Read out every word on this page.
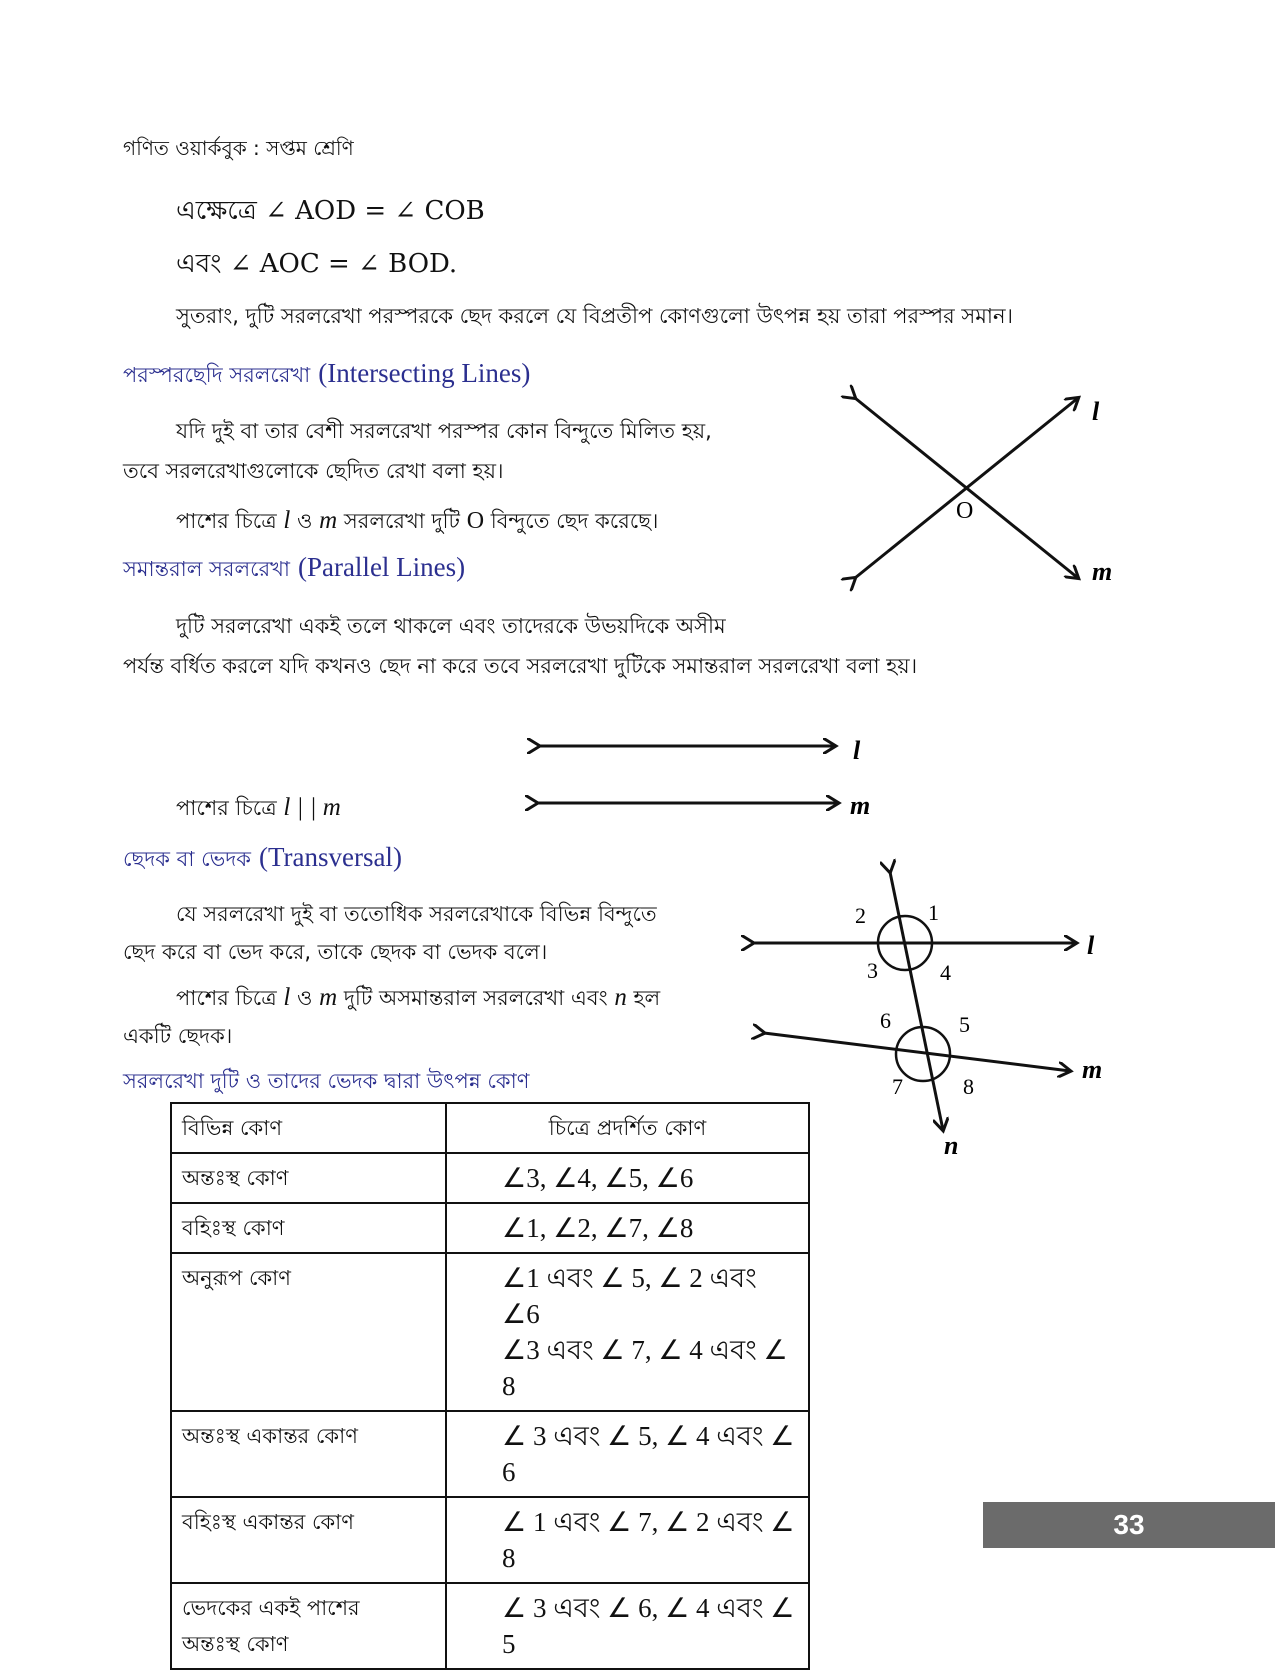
গণিত ওয়ার্কবুক : সপ্তম শ্রেণি
এক্ষেত্রে ∠ AOD = ∠ COB
এবং ∠ AOC = ∠ BOD.
সুতরাং, দুটি সরলরেখা পরস্পরকে ছেদ করলে যে বিপ্রতীপ কোণগুলো উৎপন্ন হয় তারা পরস্পর সমান।
পরস্পরছেদি সরলরেখা (Intersecting Lines)
যদি দুই বা তার বেশী সরলরেখা পরস্পর কোন বিন্দুতে মিলিত হয়,
তবে সরলরেখাগুলোকে ছেদিত রেখা বলা হয়।
পাশের চিত্রে l ও m সরলরেখা দুটি O বিন্দুতে ছেদ করেছে।
l
m
O
সমান্তরাল সরলরেখা (Parallel Lines)
দুটি সরলরেখা একই তলে থাকলে এবং তাদেরকে উভয়দিকে অসীম
পর্যন্ত বর্ধিত করলে যদি কখনও ছেদ না করে তবে সরলরেখা দুটিকে সমান্তরাল সরলরেখা বলা হয়।
l
m
পাশের চিত্রে l | | m
ছেদক বা ভেদক (Transversal)
যে সরলরেখা দুই বা ততোধিক সরলরেখাকে বিভিন্ন বিন্দুতে
ছেদ করে বা ভেদ করে, তাকে ছেদক বা ভেদক বলে।
পাশের চিত্রে l ও m দুটি অসমান্তরাল সরলরেখা এবং n হল
একটি ছেদক।
1
2
3	4
5
6
7	8
l
m
n
সরলরেখা দুটি ও তাদের ভেদক দ্বারা উৎপন্ন কোণ
বিভিন্ন কোণ	চিত্রে প্রদর্শিত কোণ
অন্তঃস্থ কোণ	∠3, ∠4, ∠5, ∠6
বহিঃস্থ কোণ	∠1, ∠2, ∠7, ∠8
অনুরূপ কোণ	∠1 এবং ∠ 5, ∠ 2 এবং ∠6
∠3 এবং ∠ 7, ∠ 4 এবং ∠ 8

অন্তঃস্থ একান্তর কোণ	∠ 3 এবং ∠ 5, ∠ 4 এবং ∠ 6
বহিঃস্থ একান্তর কোণ	∠ 1 এবং ∠ 7, ∠ 2 এবং ∠ 8

ভেদকের একই পাশের
অন্তঃস্থ কোণ	∠ 3 এবং ∠ 6, ∠ 4 এবং ∠ 5
33
